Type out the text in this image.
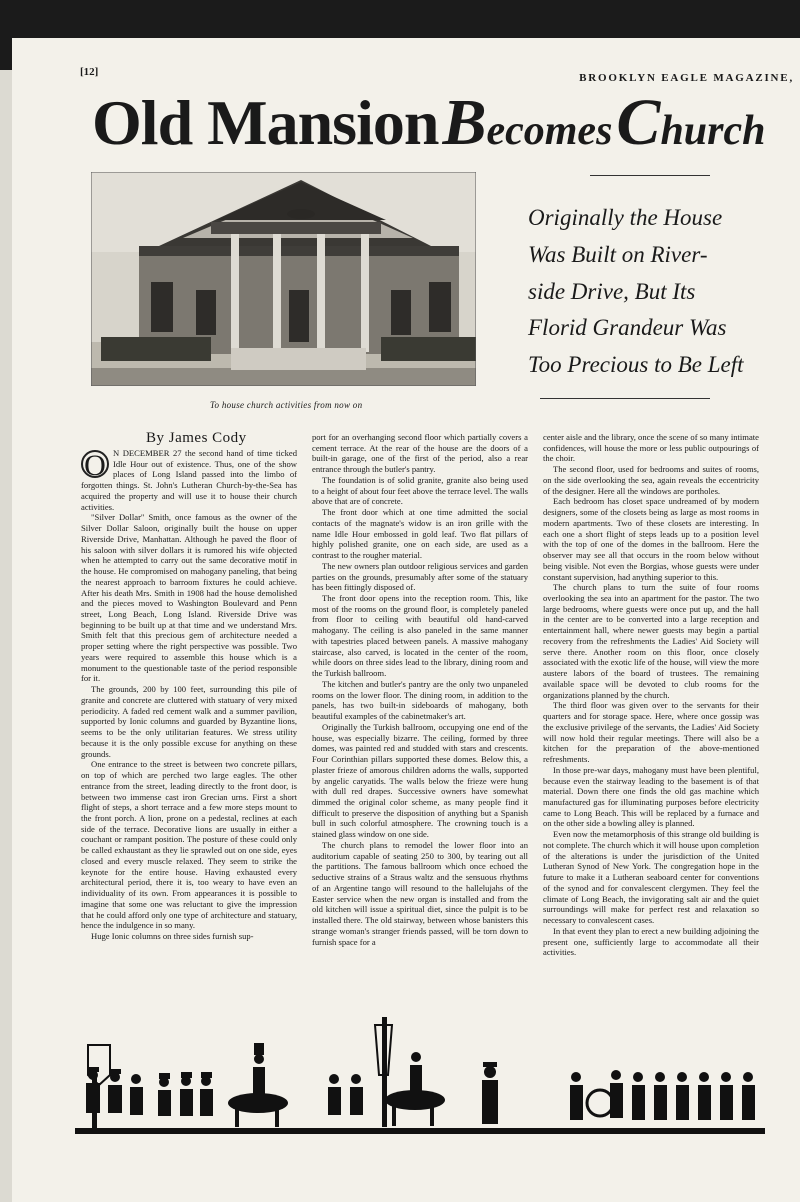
[12]	BROOKLYN EAGLE MAGAZINE,
Old Mansion Becomes Church
To house church activities from now on
Originally the House
Was Built on River-
side Drive, But Its
Florid Grandeur Was
Too Precious to Be Left
By James Cody
O N DECEMBER 27 the second hand of time ticked Idle Hour out of existence. Thus, one of the show places of Long Island passed into the limbo of forgotten things. St. John's Lutheran Church-by-the-Sea has acquired the property and will use it to house their church activities.

"Silver Dollar" Smith, once famous as the owner of the Silver Dollar Saloon, originally built the house on upper Riverside Drive, Manhattan. Although he paved the floor of his saloon with silver dollars it is rumored his wife objected when he attempted to carry out the same decorative motif in the house. He compromised on mahogany paneling, that being the nearest approach to barroom fixtures he could achieve. After his death Mrs. Smith in 1908 had the house demolished and the pieces moved to Washington Boulevard and Penn street, Long Beach, Long Island. Riverside Drive was beginning to be built up at that time and we understand Mrs. Smith felt that this precious gem of architecture needed a proper setting where the right perspective was possible. Two years were required to assemble this house which is a monument to the questionable taste of the period responsible for it.

The grounds, 200 by 100 feet, surrounding this pile of granite and concrete are cluttered with statuary of very mixed periodicity. A faded red cement walk and a summer pavilion, supported by Ionic columns and guarded by Byzantine lions, seems to be the only utilitarian features. We stress utility because it is the only possible excuse for anything on these grounds.

One entrance to the street is between two concrete pillars, on top of which are perched two large eagles. The other entrance from the street, leading directly to the front door, is between two immense cast iron Grecian urns. First a short flight of steps, a short terrace and a few more steps mount to the front porch. A lion, prone on a pedestal, reclines at each side of the terrace. Decorative lions are usually in either a couchant or rampant position. The posture of these could only be called exhaustant as they lie sprawled out on one side, eyes closed and every muscle relaxed. They seem to strike the keynote for the entire house. Having exhausted every architectural period, there it is, too weary to have even an individuality of its own. From appearances it is possible to imagine that some one was reluctant to give the impression that he could afford only one type of architecture and statuary, hence the indulgence in so many.

Huge Ionic columns on three sides furnish sup-

port for an overhanging second floor which partially covers a cement terrace. At the rear of the house are the doors of a built-in garage, one of the first of the period, also a rear entrance through the butler's pantry.

The foundation is of solid granite, granite also being used to a height of about four feet above the terrace level. The walls above that are of concrete.

The front door which at one time admitted the social contacts of the magnate's widow is an iron grille with the name Idle Hour embossed in gold leaf. Two flat pillars of highly polished granite, one on each side, are used as a contrast to the rougher material.

The new owners plan outdoor religious services and garden parties on the grounds, presumably after some of the statuary has been fittingly disposed of.

The front door opens into the reception room. This, like most of the rooms on the ground floor, is completely paneled from floor to ceiling with beautiful old hand-carved mahogany. The ceiling is also paneled in the same manner with tapestries placed between panels. A massive mahogany staircase, also carved, is located in the center of the room, while doors on three sides lead to the library, dining room and the Turkish ballroom.

The kitchen and butler's pantry are the only two unpaneled rooms on the lower floor. The dining room, in addition to the panels, has two built-in sideboards of mahogany, both beautiful examples of the cabinetmaker's art.

Originally the Turkish ballroom, occupying one end of the house, was especially bizarre. The ceiling, formed by three domes, was painted red and studded with stars and crescents. Four Corinthian pillars supported these domes. Below this, a plaster frieze of amorous children adorns the walls, supported by angelic caryatids. The walls below the frieze were hung with dull red drapes. Successive owners have somewhat dimmed the original color scheme, as many people find it difficult to preserve the disposition of anything but a Spanish bull in such colorful atmosphere. The crowning touch is a stained glass window on one side.

The church plans to remodel the lower floor into an auditorium capable of seating 250 to 300, by tearing out all the partitions. The famous ballroom which once echoed the seductive strains of a Straus waltz and the sensuous rhythms of an Argentine tango will resound to the hallelujahs of the Easter service when the new organ is installed and from the old kitchen will issue a spiritual diet, since the pulpit is to be installed there. The old stairway, between whose banisters this strange woman's stranger friends passed, will be torn down to furnish space for a

center aisle and the library, once the scene of so many intimate confidences, will house the more or less public outpourings of the choir.

The second floor, used for bedrooms and suites of rooms, on the side overlooking the sea, again reveals the eccentricity of the designer. Here all the windows are portholes.

Each bedroom has closet space undreamed of by modern designers, some of the closets being as large as most rooms in modern apartments. Two of these closets are interesting. In each one a short flight of steps leads up to a position level with the top of one of the domes in the ballroom. Here the observer may see all that occurs in the room below without being visible. Not even the Borgias, whose guests were under constant supervision, had anything superior to this.

The church plans to turn the suite of four rooms overlooking the sea into an apartment for the pastor. The two large bedrooms, where guests were once put up, and the hall in the center are to be converted into a large reception and entertainment hall, where newer guests may begin a partial recovery from the refreshments the Ladies' Aid Society will serve there. Another room on this floor, once closely associated with the exotic life of the house, will view the more austere labors of the board of trustees. The remaining available space will be devoted to club rooms for the organizations planned by the church.

The third floor was given over to the servants for their quarters and for storage space. Here, where once gossip was the exclusive privilege of the servants, the Ladies' Aid Society will now hold their regular meetings. There will also be a kitchen for the preparation of the above-mentioned refreshments.

In those pre-war days, mahogany must have been plentiful, because even the stairway leading to the basement is of that material. Down there one finds the old gas machine which manufactured gas for illuminating purposes before electricity came to Long Beach. This will be replaced by a furnace and on the other side a bowling alley is planned.

Even now the metamorphosis of this strange old building is not complete. The church which it will house upon completion of the alterations is under the jurisdiction of the United Lutheran Synod of New York. The congregation hope in the future to make it a Lutheran seaboard center for conventions of the synod and for convalescent clergymen. They feel the climate of Long Beach, the invigorating salt air and the quiet surroundings will make for perfect rest and relaxation so necessary to convalescent cases.

In that event they plan to erect a new building adjoining the present one, sufficiently large to accommodate all their activities.
